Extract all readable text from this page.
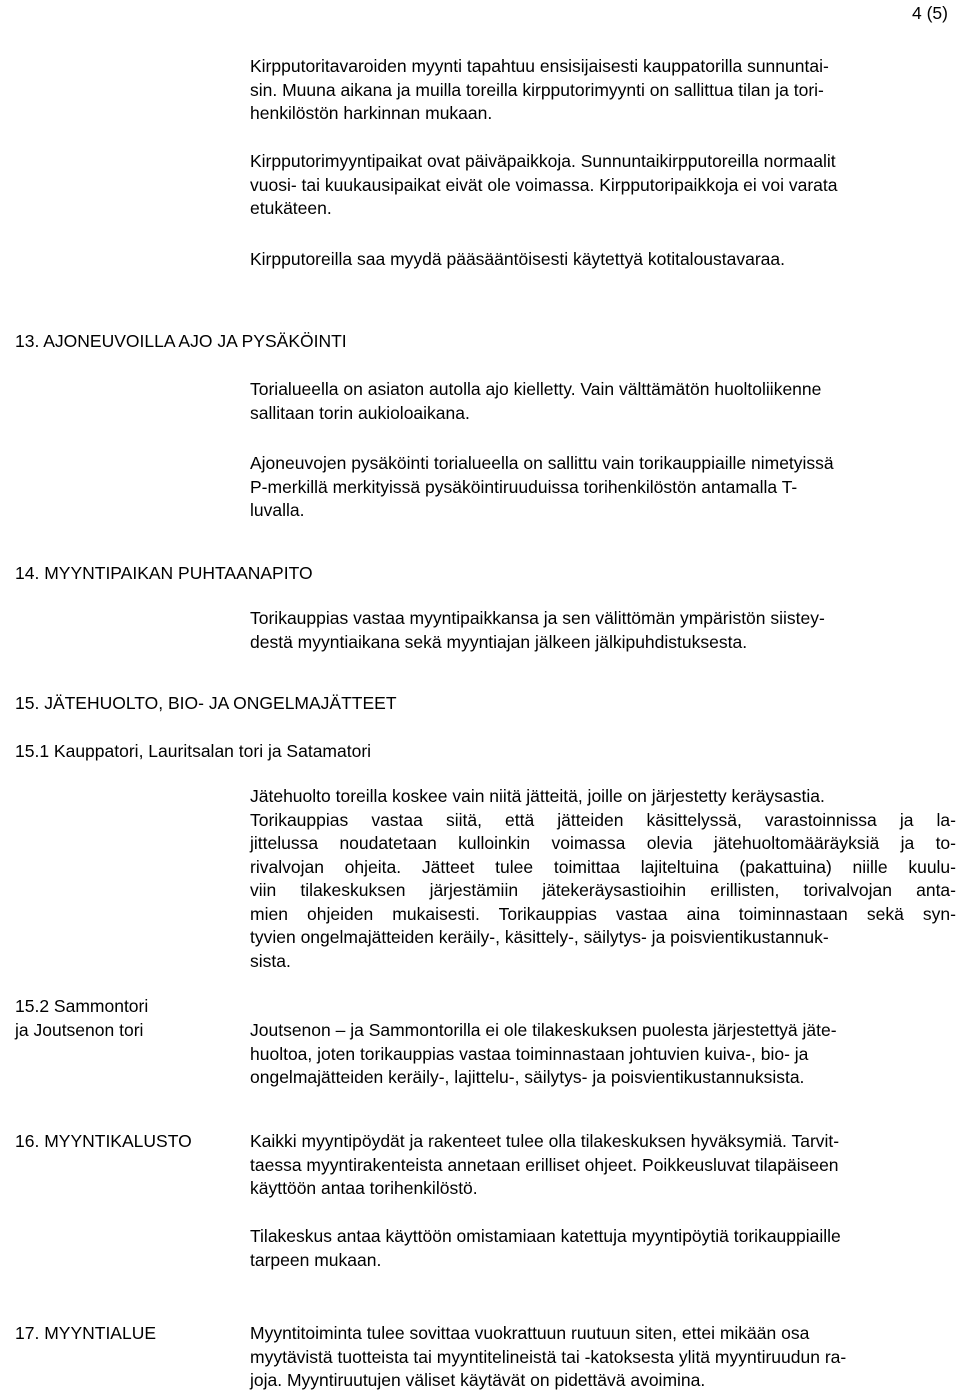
4 (5)
Kirpputoritavaroiden myynti tapahtuu ensisijaisesti kauppatorilla sunnuntai-
sin. Muuna aikana ja muilla toreilla kirpputorimyynti on sallittua tilan ja tori-
henkilöstön harkinnan mukaan.
Kirpputorimyyntipaikat ovat päiväpaikkoja. Sunnuntaikirpputoreilla normaalit
vuosi- tai kuukausipaikat eivät ole voimassa. Kirpputoripaikkoja ei voi varata
etukäteen.
Kirpputoreilla saa myydä pääsääntöisesti käytettyä kotitaloustavaraa.
13. AJONEUVOILLA AJO JA PYSÄKÖINTI
Torialueella on asiaton autolla ajo kielletty. Vain välttämätön huoltoliikenne
sallitaan torin aukioloaikana.
Ajoneuvojen pysäköinti torialueella on sallittu vain torikauppiaille nimetyissä
P-merkillä merkityissä pysäköintiruuduissa torihenkilöstön antamalla T-
luvalla.
14. MYYNTIPAIKAN PUHTAANAPITO
Torikauppias vastaa myyntipaikkansa ja sen välittömän ympäristön siistey-
destä myyntiaikana sekä myyntiajan jälkeen jälkipuhdistuksesta.
15. JÄTEHUOLTO, BIO- JA ONGELMAJÄTTEET
15.1 Kauppatori, Lauritsalan tori ja Satamatori
Jätehuolto toreilla koskee vain niitä jätteitä, joille on järjestetty keräysastia.
Torikauppias vastaa siitä, että jätteiden käsittelyssä, varastoinnissa ja la-
jittelussa noudatetaan kulloinkin voimassa olevia jätehuoltomääräyksiä ja to-
rivalvojan ohjeita. Jätteet tulee toimittaa lajiteltuina (pakattuina) niille kuulu-
viin tilakeskuksen järjestämiin jätekeräysastioihin erillisten, torivalvojan anta-
mien ohjeiden mukaisesti. Torikauppias vastaa aina toiminnastaan sekä syn-
tyvien ongelmajätteiden keräily-, käsittely-, säilytys- ja poisvientikustannuk-
sista.
15.2 Sammontori
ja Joutsenon tori	Joutsenon – ja Sammontorilla ei ole tilakeskuksen puolesta järjestettyä jäte-
huoltoa, joten torikauppias vastaa toiminnastaan johtuvien kuiva-, bio- ja
ongelmajätteiden keräily-, lajittelu-, säilytys- ja poisvientikustannuksista.
16. MYYNTIKALUSTO	Kaikki myyntipöydät ja rakenteet tulee olla tilakeskuksen hyväksymiä. Tarvit-
taessa myyntirakenteista annetaan erilliset ohjeet. Poikkeusluvat tilapäiseen
käyttöön antaa torihenkilöstö.
Tilakeskus antaa käyttöön omistamiaan katettuja myyntipöytiä torikauppiaille
tarpeen mukaan.
17. MYYNTIALUE	Myyntitoiminta tulee sovittaa vuokrattuun ruutuun siten, ettei mikään osa
myytävistä tuotteista tai myyntitelineistä tai -katoksesta ylitä myyntiruudun ra-
joja. Myyntiruutujen väliset käytävät on pidettävä avoimina.
